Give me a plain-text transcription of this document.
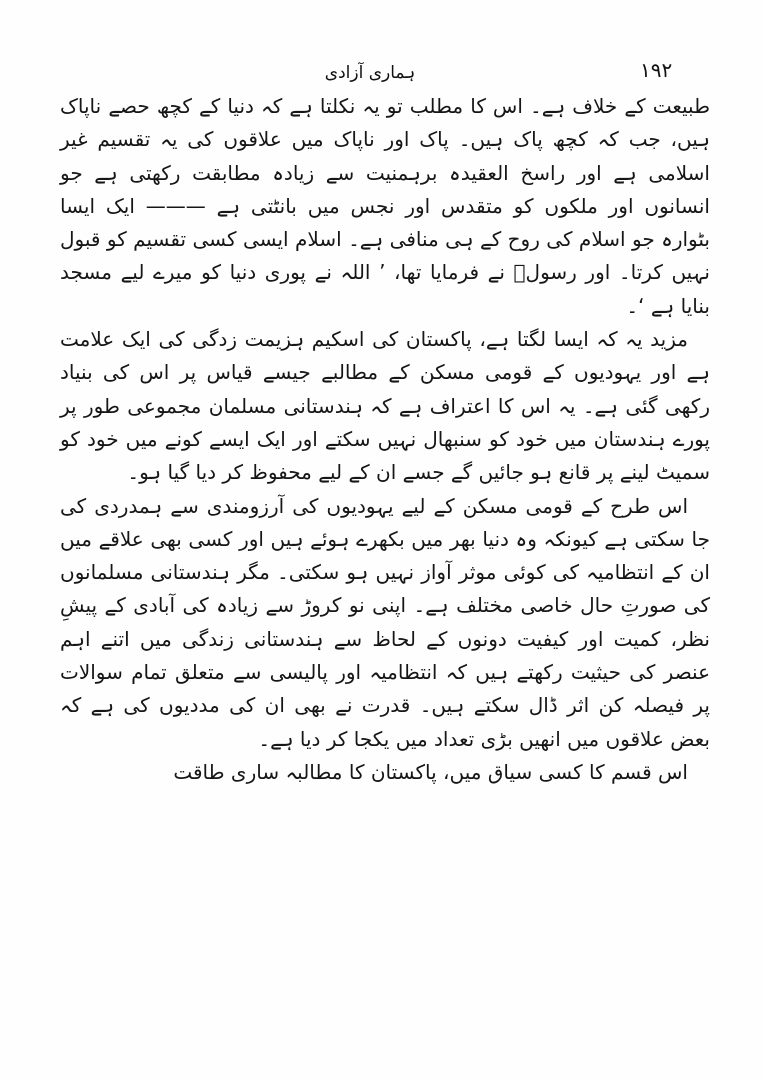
۱۹۲
ہماری آزادی

طبیعت کے خلاف ہے۔ اس کا مطلب تو یہ نکلتا ہے کہ دنیا کے کچھ حصے ناپاک ہیں، جب کہ کچھ پاک ہیں۔ پاک اور ناپاک میں علاقوں کی یہ تقسیم غیر اسلامی ہے اور راسخ العقیدہ برہمنیت سے زیادہ مطابقت رکھتی ہے جو انسانوں اور ملکوں کو متقدس اور نجس میں بانٹتی ہے ——— ایک ایسا بٹوارہ جو اسلام کی روح کے ہی منافی ہے۔ اسلام ایسی کسی تقسیم کو قبول نہیں کرتا۔ اور رسولؐ نے فرمایا تھا، ’ اللہ نے پوری دنیا کو میرے لیے مسجد بنایا ہے ‘۔

مزید یہ کہ ایسا لگتا ہے، پاکستان کی اسکیم ہزیمت زدگی کی ایک علامت ہے اور یہودیوں کے قومی مسکن کے مطالبے جیسے قیاس پر اس کی بنیاد رکھی گئی ہے۔ یہ اس کا اعتراف ہے کہ ہندستانی مسلمان مجموعی طور پر پورے ہندستان میں خود کو سنبھال نہیں سکتے اور ایک ایسے کونے میں خود کو سمیٹ لینے پر قانع ہو جائیں گے جسے ان کے لیے محفوظ کر دیا گیا ہو۔

اس طرح کے قومی مسکن کے لیے یہودیوں کی آرزومندی سے ہمدردی کی جا سکتی ہے کیونکہ وہ دنیا بھر میں بکھرے ہوئے ہیں اور کسی بھی علاقے میں ان کے انتظامیہ کی کوئی موثر آواز نہیں ہو سکتی۔ مگر ہندستانی مسلمانوں کی صورتِ حال خاصی مختلف ہے۔ اپنی نو کروڑ سے زیادہ کی آبادی کے پیشِ نظر، کمیت اور کیفیت دونوں کے لحاظ سے ہندستانی زندگی میں اتنے اہم عنصر کی حیثیت رکھتے ہیں کہ انتظامیہ اور پالیسی سے متعلق تمام سوالات پر فیصلہ کن اثر ڈال سکتے ہیں۔ قدرت نے بھی ان کی مددیوں کی ہے کہ بعض علاقوں میں انھیں بڑی تعداد میں یکجا کر دیا ہے۔

اس قسم کا کسی سیاق میں، پاکستان کا مطالبہ ساری طاقت
